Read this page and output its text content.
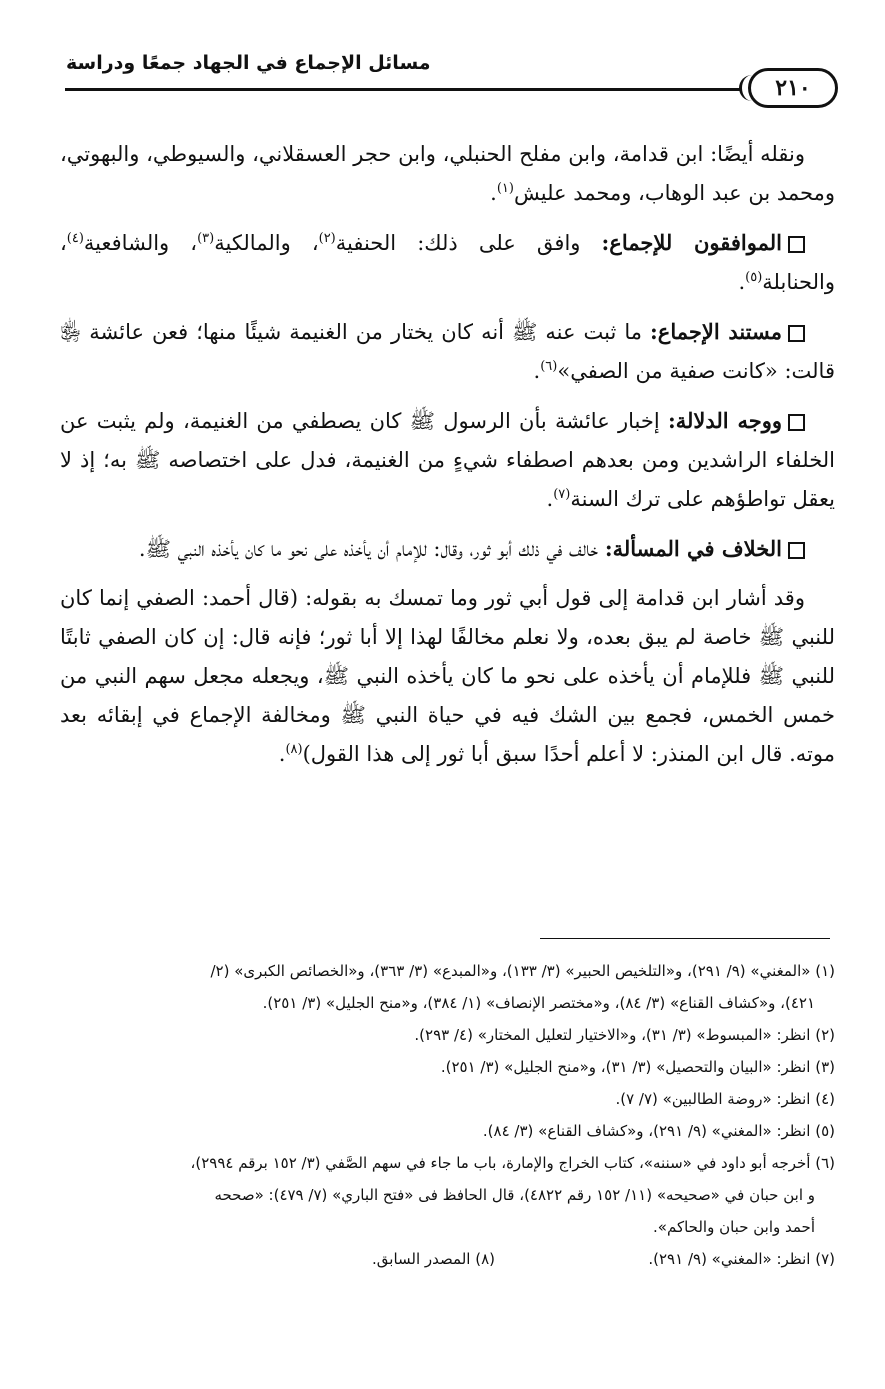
مسائل الإجماع في الجهاد جمعًا ودراسة
٢١٠

ونقله أيضًا: ابن قدامة، وابن مفلح الحنبلي، وابن حجر العسقلاني، والسيوطي، والبهوتي، ومحمد بن عبد الوهاب، ومحمد عليش$^{(١)}$.

الموافقون للإجماع: وافق على ذلك: الحنفية$^{(٢)}$، والمالكية$^{(٣)}$، والشافعية$^{(٤)}$، والحنابلة$^{(٥)}$.

مستند الإجماع: ما ثبت عنه ﷺ أنه كان يختار من الغنيمة شيئًا منها؛ فعن عائشة ﵂ قالت: «كانت صفية من الصفي»$^{(٦)}$.

ووجه الدلالة: إخبار عائشة بأن الرسول ﷺ كان يصطفي من الغنيمة، ولم يثبت عن الخلفاء الراشدين ومن بعدهم اصطفاء شيءٍ من الغنيمة، فدل على اختصاصه ﷺ به؛ إذ لا يعقل تواطؤهم على ترك السنة$^{(٧)}$.

الخلاف في المسألة: خالف في ذلك أبو ثور، وقال: للإمام أن يأخذه على نحو ما كان يأخذه النبي ﷺ.

وقد أشار ابن قدامة إلى قول أبي ثور وما تمسك به بقوله: (قال أحمد: الصفي إنما كان للنبي ﷺ خاصة لم يبق بعده، ولا نعلم مخالفًا لهذا إلا أبا ثور؛ فإنه قال: إن كان الصفي ثابتًا للنبي ﷺ فللإمام أن يأخذه على نحو ما كان يأخذه النبي ﷺ، ويجعله مجعل سهم النبي من خمس الخمس، فجمع بين الشك فيه في حياة النبي ﷺ ومخالفة الإجماع في إبقائه بعد موته. قال ابن المنذر: لا أعلم أحدًا سبق أبا ثور إلى هذا القول)$^{(٨)}$.

(١) «المغني» (٩/ ٢٩١)، و«التلخيص الحبير» (٣/ ١٣٣)، و«المبدع» (٣/ ٣٦٣)، و«الخصائص الكبرى» (٢/

٤٢١)، و«كشاف القناع» (٣/ ٨٤)، و«مختصر الإنصاف» (١/ ٣٨٤)، و«منح الجليل» (٣/ ٢٥١).

(٢) انظر: «المبسوط» (٣/ ٣١)، و«الاختيار لتعليل المختار» (٤/ ٢٩٣).

(٣) انظر: «البيان والتحصيل» (٣/ ٣١)، و«منح الجليل» (٣/ ٢٥١).

(٤) انظر: «روضة الطالبين» (٧/ ٧).

(٥) انظر: «المغني» (٩/ ٢٩١)، و«كشاف القناع» (٣/ ٨٤).

(٦) أخرجه أبو داود في «سننه»، كتاب الخراج والإمارة، باب ما جاء في سهم الصَّفي (٣/ ١٥٢ برقم ٢٩٩٤)،

و ابن حبان في «صحيحه» (١١/ ١٥٢ رقم ٤٨٢٢)، قال الحافظ فى «فتح الباري» (٧/ ٤٧٩): «صححه

أحمد وابن حبان والحاكم».

(٧) انظر: «المغني» (٩/ ٢٩١).

(٨) المصدر السابق.
